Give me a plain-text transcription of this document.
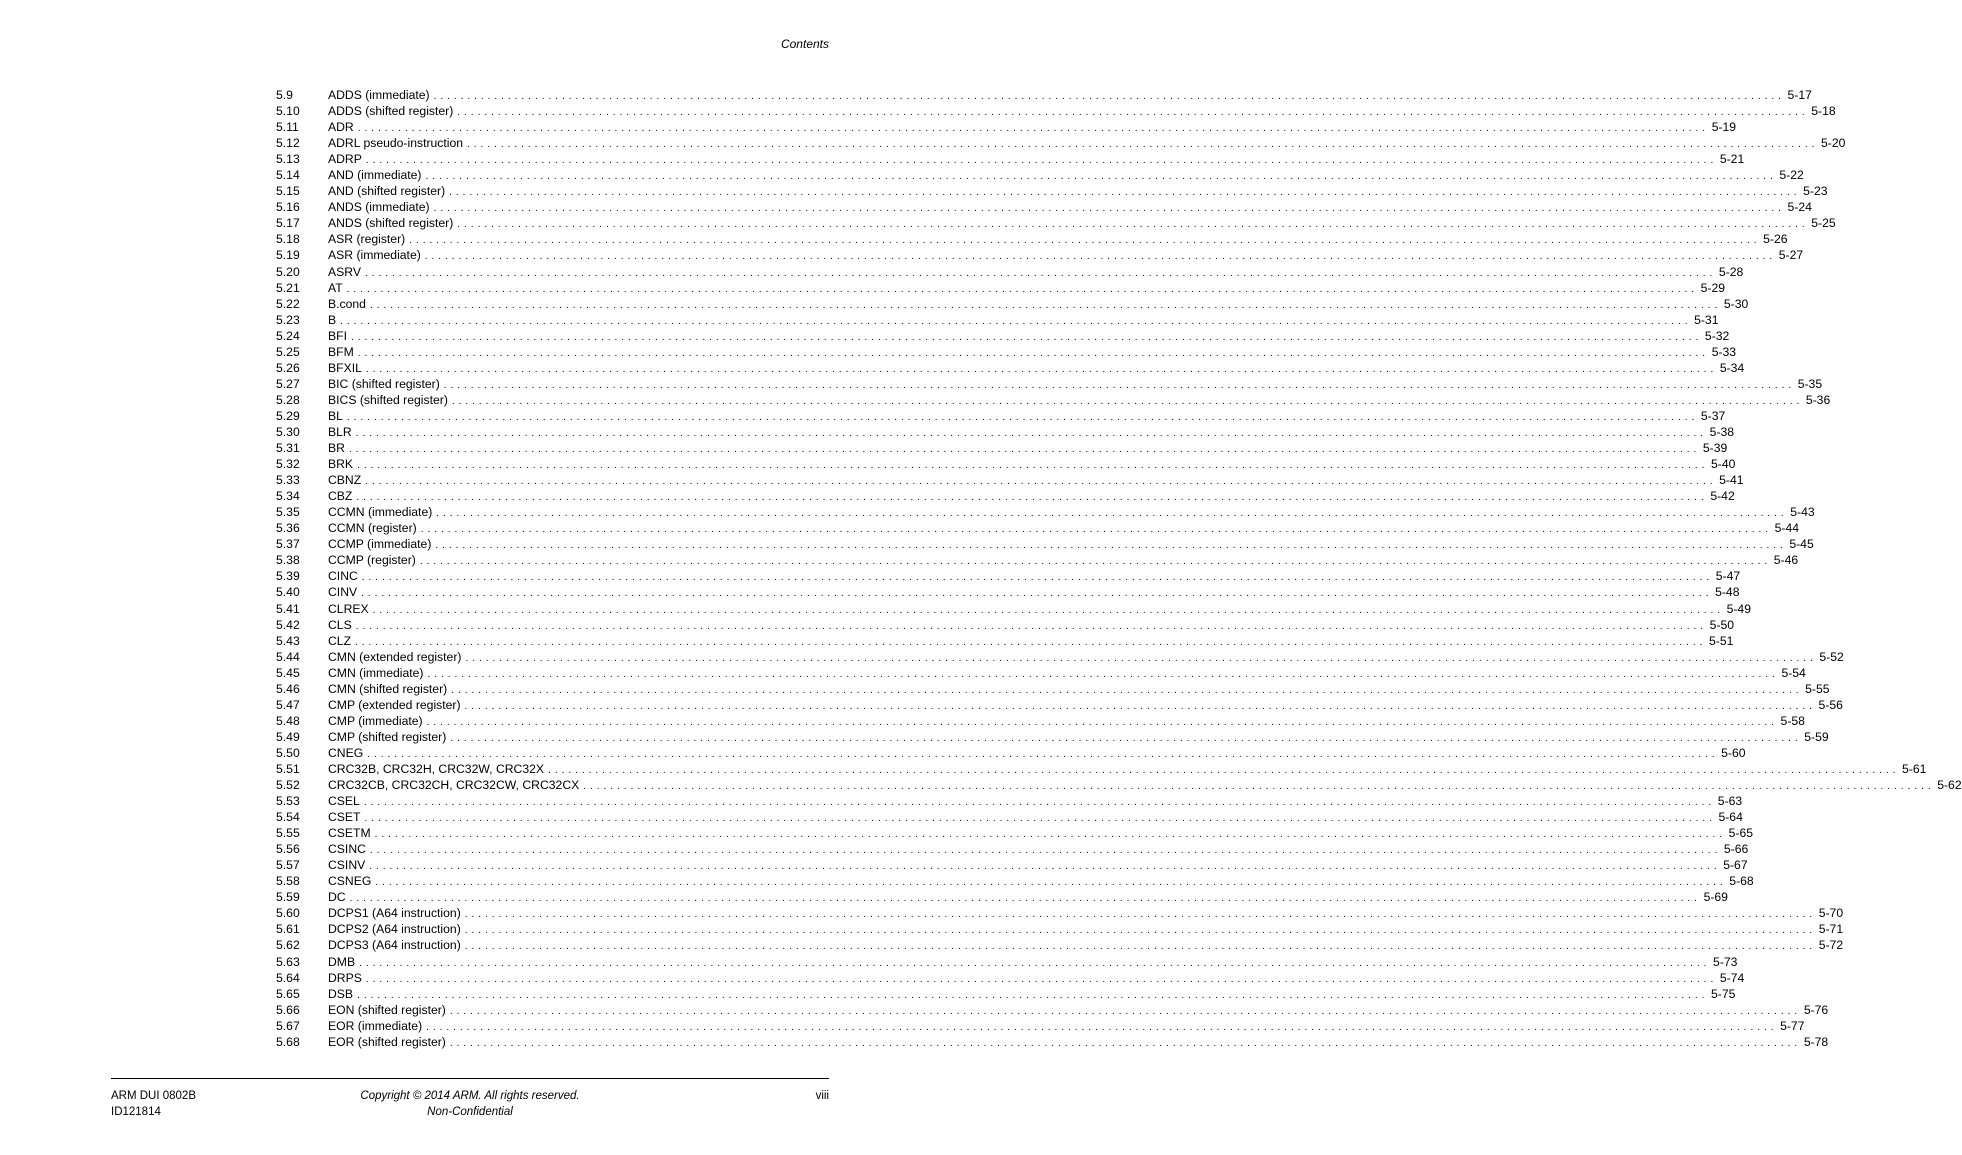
Contents
5.9	ADDS (immediate) . . . . . . . . . . . . . . . . . . . . . . . . . . . . . . . . . . . . . . . . . . . . . . . . . . . . . . . . . . . . . . . . . . . . . . . . . . . . . . . . . . . . . . . . . . . . . . . . . . . . . . . . . . . . . . . . . . . . . . . . . . . . . . . . . . . . . . . . . . . . . . . . . . . . . . . . . . . . . . . . . . . . . . . . . . . . . . . . . . . . . . . . . . . . . . . . . . . . . . . . 5-17
5.10	ADDS (shifted register) . . . . . . . . . . . . . . . . . . . . . . . . . . . . . . . . . . . . . . . . . . . . . . . . . . . . . . . . . . . . . . . . . . . . . . . . . . . . . . . . . . . . . . . . . . . . . . . . . . . . . . . . . . . . . . . . . . . . . . . . . . . . . . . . . . . . . . . . . . . . . . . . . . . . . . . . . . . . . . . . . . . . . . . . . . . . . . . . . . . . . . . . . . . . . . . . . . . . . . . . 5-18
5.11	ADR . . . . . . . . . . . . . . . . . . . . . . . . . . . . . . . . . . . . . . . . . . . . . . . . . . . . . . . . . . . . . . . . . . . . . . . . . . . . . . . . . . . . . . . . . . . . . . . . . . . . . . . . . . . . . . . . . . . . . . . . . . . . . . . . . . . . . . . . . . . . . . . . . . . . . . . . . . . . . . . . . . . . . . . . . . . . . . . . . . . . . . . . . . . . . . . . . . . . . . . . 5-19
5.12	ADRL pseudo-instruction . . . . . . . . . . . . . . . . . . . . . . . . . . . . . . . . . . . . . . . . . . . . . . . . . . . . . . . . . . . . . . . . . . . . . . . . . . . . . . . . . . . . . . . . . . . . . . . . . . . . . . . . . . . . . . . . . . . . . . . . . . . . . . . . . . . . . . . . . . . . . . . . . . . . . . . . . . . . . . . . . . . . . . . . . . . . . . . . . . . . . . . . . . . . . . . . . . . . . . . . 5-20
5.13	ADRP . . . . . . . . . . . . . . . . . . . . . . . . . . . . . . . . . . . . . . . . . . . . . . . . . . . . . . . . . . . . . . . . . . . . . . . . . . . . . . . . . . . . . . . . . . . . . . . . . . . . . . . . . . . . . . . . . . . . . . . . . . . . . . . . . . . . . . . . . . . . . . . . . . . . . . . . . . . . . . . . . . . . . . . . . . . . . . . . . . . . . . . . . . . . . . . . . . . . . . . . 5-21
5.14	AND (immediate) . . . . . . . . . . . . . . . . . . . . . . . . . . . . . . . . . . . . . . . . . . . . . . . . . . . . . . . . . . . . . . . . . . . . . . . . . . . . . . . . . . . . . . . . . . . . . . . . . . . . . . . . . . . . . . . . . . . . . . . . . . . . . . . . . . . . . . . . . . . . . . . . . . . . . . . . . . . . . . . . . . . . . . . . . . . . . . . . . . . . . . . . . . . . . . . . . . . . . . . . 5-22
5.15	AND (shifted register) . . . . . . . . . . . . . . . . . . . . . . . . . . . . . . . . . . . . . . . . . . . . . . . . . . . . . . . . . . . . . . . . . . . . . . . . . . . . . . . . . . . . . . . . . . . . . . . . . . . . . . . . . . . . . . . . . . . . . . . . . . . . . . . . . . . . . . . . . . . . . . . . . . . . . . . . . . . . . . . . . . . . . . . . . . . . . . . . . . . . . . . . . . . . . . . . . . . . . . . . 5-23
5.16	ANDS (immediate) . . . . . . . . . . . . . . . . . . . . . . . . . . . . . . . . . . . . . . . . . . . . . . . . . . . . . . . . . . . . . . . . . . . . . . . . . . . . . . . . . . . . . . . . . . . . . . . . . . . . . . . . . . . . . . . . . . . . . . . . . . . . . . . . . . . . . . . . . . . . . . . . . . . . . . . . . . . . . . . . . . . . . . . . . . . . . . . . . . . . . . . . . . . . . . . . . . . . . . . . 5-24
5.17	ANDS (shifted register) . . . . . . . . . . . . . . . . . . . . . . . . . . . . . . . . . . . . . . . . . . . . . . . . . . . . . . . . . . . . . . . . . . . . . . . . . . . . . . . . . . . . . . . . . . . . . . . . . . . . . . . . . . . . . . . . . . . . . . . . . . . . . . . . . . . . . . . . . . . . . . . . . . . . . . . . . . . . . . . . . . . . . . . . . . . . . . . . . . . . . . . . . . . . . . . . . . . . . . . . 5-25
5.18	ASR (register) . . . . . . . . . . . . . . . . . . . . . . . . . . . . . . . . . . . . . . . . . . . . . . . . . . . . . . . . . . . . . . . . . . . . . . . . . . . . . . . . . . . . . . . . . . . . . . . . . . . . . . . . . . . . . . . . . . . . . . . . . . . . . . . . . . . . . . . . . . . . . . . . . . . . . . . . . . . . . . . . . . . . . . . . . . . . . . . . . . . . . . . . . . . . . . . . . . . . . . . . 5-26
5.19	ASR (immediate) . . . . . . . . . . . . . . . . . . . . . . . . . . . . . . . . . . . . . . . . . . . . . . . . . . . . . . . . . . . . . . . . . . . . . . . . . . . . . . . . . . . . . . . . . . . . . . . . . . . . . . . . . . . . . . . . . . . . . . . . . . . . . . . . . . . . . . . . . . . . . . . . . . . . . . . . . . . . . . . . . . . . . . . . . . . . . . . . . . . . . . . . . . . . . . . . . . . . . . . . 5-27
5.20	ASRV . . . . . . . . . . . . . . . . . . . . . . . . . . . . . . . . . . . . . . . . . . . . . . . . . . . . . . . . . . . . . . . . . . . . . . . . . . . . . . . . . . . . . . . . . . . . . . . . . . . . . . . . . . . . . . . . . . . . . . . . . . . . . . . . . . . . . . . . . . . . . . . . . . . . . . . . . . . . . . . . . . . . . . . . . . . . . . . . . . . . . . . . . . . . . . . . . . . . . . . . 5-28
5.21	AT . . . . . . . . . . . . . . . . . . . . . . . . . . . . . . . . . . . . . . . . . . . . . . . . . . . . . . . . . . . . . . . . . . . . . . . . . . . . . . . . . . . . . . . . . . . . . . . . . . . . . . . . . . . . . . . . . . . . . . . . . . . . . . . . . . . . . . . . . . . . . . . . . . . . . . . . . . . . . . . . . . . . . . . . . . . . . . . . . . . . . . . . . . . . . . . . . . . . . . . . 5-29
5.22	B.cond . . . . . . . . . . . . . . . . . . . . . . . . . . . . . . . . . . . . . . . . . . . . . . . . . . . . . . . . . . . . . . . . . . . . . . . . . . . . . . . . . . . . . . . . . . . . . . . . . . . . . . . . . . . . . . . . . . . . . . . . . . . . . . . . . . . . . . . . . . . . . . . . . . . . . . . . . . . . . . . . . . . . . . . . . . . . . . . . . . . . . . . . . . . . . . . . . . . . . . . . 5-30
5.23	B . . . . . . . . . . . . . . . . . . . . . . . . . . . . . . . . . . . . . . . . . . . . . . . . . . . . . . . . . . . . . . . . . . . . . . . . . . . . . . . . . . . . . . . . . . . . . . . . . . . . . . . . . . . . . . . . . . . . . . . . . . . . . . . . . . . . . . . . . . . . . . . . . . . . . . . . . . . . . . . . . . . . . . . . . . . . . . . . . . . . . . . . . . . . . . . . . . . . . . . . 5-31
5.24	BFI . . . . . . . . . . . . . . . . . . . . . . . . . . . . . . . . . . . . . . . . . . . . . . . . . . . . . . . . . . . . . . . . . . . . . . . . . . . . . . . . . . . . . . . . . . . . . . . . . . . . . . . . . . . . . . . . . . . . . . . . . . . . . . . . . . . . . . . . . . . . . . . . . . . . . . . . . . . . . . . . . . . . . . . . . . . . . . . . . . . . . . . . . . . . . . . . . . . . . . . . 5-32
5.25	BFM . . . . . . . . . . . . . . . . . . . . . . . . . . . . . . . . . . . . . . . . . . . . . . . . . . . . . . . . . . . . . . . . . . . . . . . . . . . . . . . . . . . . . . . . . . . . . . . . . . . . . . . . . . . . . . . . . . . . . . . . . . . . . . . . . . . . . . . . . . . . . . . . . . . . . . . . . . . . . . . . . . . . . . . . . . . . . . . . . . . . . . . . . . . . . . . . . . . . . . . . 5-33
5.26	BFXIL . . . . . . . . . . . . . . . . . . . . . . . . . . . . . . . . . . . . . . . . . . . . . . . . . . . . . . . . . . . . . . . . . . . . . . . . . . . . . . . . . . . . . . . . . . . . . . . . . . . . . . . . . . . . . . . . . . . . . . . . . . . . . . . . . . . . . . . . . . . . . . . . . . . . . . . . . . . . . . . . . . . . . . . . . . . . . . . . . . . . . . . . . . . . . . . . . . . . . . . . 5-34
5.27	BIC (shifted register) . . . . . . . . . . . . . . . . . . . . . . . . . . . . . . . . . . . . . . . . . . . . . . . . . . . . . . . . . . . . . . . . . . . . . . . . . . . . . . . . . . . . . . . . . . . . . . . . . . . . . . . . . . . . . . . . . . . . . . . . . . . . . . . . . . . . . . . . . . . . . . . . . . . . . . . . . . . . . . . . . . . . . . . . . . . . . . . . . . . . . . . . . . . . . . . . . . . . . . . . 5-35
5.28	BICS (shifted register) . . . . . . . . . . . . . . . . . . . . . . . . . . . . . . . . . . . . . . . . . . . . . . . . . . . . . . . . . . . . . . . . . . . . . . . . . . . . . . . . . . . . . . . . . . . . . . . . . . . . . . . . . . . . . . . . . . . . . . . . . . . . . . . . . . . . . . . . . . . . . . . . . . . . . . . . . . . . . . . . . . . . . . . . . . . . . . . . . . . . . . . . . . . . . . . . . . . . . . . . 5-36
5.29	BL . . . . . . . . . . . . . . . . . . . . . . . . . . . . . . . . . . . . . . . . . . . . . . . . . . . . . . . . . . . . . . . . . . . . . . . . . . . . . . . . . . . . . . . . . . . . . . . . . . . . . . . . . . . . . . . . . . . . . . . . . . . . . . . . . . . . . . . . . . . . . . . . . . . . . . . . . . . . . . . . . . . . . . . . . . . . . . . . . . . . . . . . . . . . . . . . . . . . . . . . 5-37
5.30	BLR . . . . . . . . . . . . . . . . . . . . . . . . . . . . . . . . . . . . . . . . . . . . . . . . . . . . . . . . . . . . . . . . . . . . . . . . . . . . . . . . . . . . . . . . . . . . . . . . . . . . . . . . . . . . . . . . . . . . . . . . . . . . . . . . . . . . . . . . . . . . . . . . . . . . . . . . . . . . . . . . . . . . . . . . . . . . . . . . . . . . . . . . . . . . . . . . . . . . . . . . 5-38
5.31	BR . . . . . . . . . . . . . . . . . . . . . . . . . . . . . . . . . . . . . . . . . . . . . . . . . . . . . . . . . . . . . . . . . . . . . . . . . . . . . . . . . . . . . . . . . . . . . . . . . . . . . . . . . . . . . . . . . . . . . . . . . . . . . . . . . . . . . . . . . . . . . . . . . . . . . . . . . . . . . . . . . . . . . . . . . . . . . . . . . . . . . . . . . . . . . . . . . . . . . . . . 5-39
5.32	BRK . . . . . . . . . . . . . . . . . . . . . . . . . . . . . . . . . . . . . . . . . . . . . . . . . . . . . . . . . . . . . . . . . . . . . . . . . . . . . . . . . . . . . . . . . . . . . . . . . . . . . . . . . . . . . . . . . . . . . . . . . . . . . . . . . . . . . . . . . . . . . . . . . . . . . . . . . . . . . . . . . . . . . . . . . . . . . . . . . . . . . . . . . . . . . . . . . . . . . . . . 5-40
5.33	CBNZ . . . . . . . . . . . . . . . . . . . . . . . . . . . . . . . . . . . . . . . . . . . . . . . . . . . . . . . . . . . . . . . . . . . . . . . . . . . . . . . . . . . . . . . . . . . . . . . . . . . . . . . . . . . . . . . . . . . . . . . . . . . . . . . . . . . . . . . . . . . . . . . . . . . . . . . . . . . . . . . . . . . . . . . . . . . . . . . . . . . . . . . . . . . . . . . . . . . . . . . . 5-41
5.34	CBZ . . . . . . . . . . . . . . . . . . . . . . . . . . . . . . . . . . . . . . . . . . . . . . . . . . . . . . . . . . . . . . . . . . . . . . . . . . . . . . . . . . . . . . . . . . . . . . . . . . . . . . . . . . . . . . . . . . . . . . . . . . . . . . . . . . . . . . . . . . . . . . . . . . . . . . . . . . . . . . . . . . . . . . . . . . . . . . . . . . . . . . . . . . . . . . . . . . . . . . . . 5-42
5.35	CCMN (immediate) . . . . . . . . . . . . . . . . . . . . . . . . . . . . . . . . . . . . . . . . . . . . . . . . . . . . . . . . . . . . . . . . . . . . . . . . . . . . . . . . . . . . . . . . . . . . . . . . . . . . . . . . . . . . . . . . . . . . . . . . . . . . . . . . . . . . . . . . . . . . . . . . . . . . . . . . . . . . . . . . . . . . . . . . . . . . . . . . . . . . . . . . . . . . . . . . . . . . . . . . 5-43
5.36	CCMN (register) . . . . . . . . . . . . . . . . . . . . . . . . . . . . . . . . . . . . . . . . . . . . . . . . . . . . . . . . . . . . . . . . . . . . . . . . . . . . . . . . . . . . . . . . . . . . . . . . . . . . . . . . . . . . . . . . . . . . . . . . . . . . . . . . . . . . . . . . . . . . . . . . . . . . . . . . . . . . . . . . . . . . . . . . . . . . . . . . . . . . . . . . . . . . . . . . . . . . . . . . 5-44
5.37	CCMP (immediate) . . . . . . . . . . . . . . . . . . . . . . . . . . . . . . . . . . . . . . . . . . . . . . . . . . . . . . . . . . . . . . . . . . . . . . . . . . . . . . . . . . . . . . . . . . . . . . . . . . . . . . . . . . . . . . . . . . . . . . . . . . . . . . . . . . . . . . . . . . . . . . . . . . . . . . . . . . . . . . . . . . . . . . . . . . . . . . . . . . . . . . . . . . . . . . . . . . . . . . . . 5-45
5.38	CCMP (register) . . . . . . . . . . . . . . . . . . . . . . . . . . . . . . . . . . . . . . . . . . . . . . . . . . . . . . . . . . . . . . . . . . . . . . . . . . . . . . . . . . . . . . . . . . . . . . . . . . . . . . . . . . . . . . . . . . . . . . . . . . . . . . . . . . . . . . . . . . . . . . . . . . . . . . . . . . . . . . . . . . . . . . . . . . . . . . . . . . . . . . . . . . . . . . . . . . . . . . . . 5-46
5.39	CINC . . . . . . . . . . . . . . . . . . . . . . . . . . . . . . . . . . . . . . . . . . . . . . . . . . . . . . . . . . . . . . . . . . . . . . . . . . . . . . . . . . . . . . . . . . . . . . . . . . . . . . . . . . . . . . . . . . . . . . . . . . . . . . . . . . . . . . . . . . . . . . . . . . . . . . . . . . . . . . . . . . . . . . . . . . . . . . . . . . . . . . . . . . . . . . . . . . . . . . . . 5-47
5.40	CINV . . . . . . . . . . . . . . . . . . . . . . . . . . . . . . . . . . . . . . . . . . . . . . . . . . . . . . . . . . . . . . . . . . . . . . . . . . . . . . . . . . . . . . . . . . . . . . . . . . . . . . . . . . . . . . . . . . . . . . . . . . . . . . . . . . . . . . . . . . . . . . . . . . . . . . . . . . . . . . . . . . . . . . . . . . . . . . . . . . . . . . . . . . . . . . . . . . . . . . . . 5-48
5.41	CLREX . . . . . . . . . . . . . . . . . . . . . . . . . . . . . . . . . . . . . . . . . . . . . . . . . . . . . . . . . . . . . . . . . . . . . . . . . . . . . . . . . . . . . . . . . . . . . . . . . . . . . . . . . . . . . . . . . . . . . . . . . . . . . . . . . . . . . . . . . . . . . . . . . . . . . . . . . . . . . . . . . . . . . . . . . . . . . . . . . . . . . . . . . . . . . . . . . . . . . . . . 5-49
5.42	CLS . . . . . . . . . . . . . . . . . . . . . . . . . . . . . . . . . . . . . . . . . . . . . . . . . . . . . . . . . . . . . . . . . . . . . . . . . . . . . . . . . . . . . . . . . . . . . . . . . . . . . . . . . . . . . . . . . . . . . . . . . . . . . . . . . . . . . . . . . . . . . . . . . . . . . . . . . . . . . . . . . . . . . . . . . . . . . . . . . . . . . . . . . . . . . . . . . . . . . . . . 5-50
5.43	CLZ . . . . . . . . . . . . . . . . . . . . . . . . . . . . . . . . . . . . . . . . . . . . . . . . . . . . . . . . . . . . . . . . . . . . . . . . . . . . . . . . . . . . . . . . . . . . . . . . . . . . . . . . . . . . . . . . . . . . . . . . . . . . . . . . . . . . . . . . . . . . . . . . . . . . . . . . . . . . . . . . . . . . . . . . . . . . . . . . . . . . . . . . . . . . . . . . . . . . . . . . 5-51
5.44	CMN (extended register) . . . . . . . . . . . . . . . . . . . . . . . . . . . . . . . . . . . . . . . . . . . . . . . . . . . . . . . . . . . . . . . . . . . . . . . . . . . . . . . . . . . . . . . . . . . . . . . . . . . . . . . . . . . . . . . . . . . . . . . . . . . . . . . . . . . . . . . . . . . . . . . . . . . . . . . . . . . . . . . . . . . . . . . . . . . . . . . . . . . . . . . . . . . . . . . . . . . . . . . . 5-52
5.45	CMN (immediate) . . . . . . . . . . . . . . . . . . . . . . . . . . . . . . . . . . . . . . . . . . . . . . . . . . . . . . . . . . . . . . . . . . . . . . . . . . . . . . . . . . . . . . . . . . . . . . . . . . . . . . . . . . . . . . . . . . . . . . . . . . . . . . . . . . . . . . . . . . . . . . . . . . . . . . . . . . . . . . . . . . . . . . . . . . . . . . . . . . . . . . . . . . . . . . . . . . . . . . . . 5-54
5.46	CMN (shifted register) . . . . . . . . . . . . . . . . . . . . . . . . . . . . . . . . . . . . . . . . . . . . . . . . . . . . . . . . . . . . . . . . . . . . . . . . . . . . . . . . . . . . . . . . . . . . . . . . . . . . . . . . . . . . . . . . . . . . . . . . . . . . . . . . . . . . . . . . . . . . . . . . . . . . . . . . . . . . . . . . . . . . . . . . . . . . . . . . . . . . . . . . . . . . . . . . . . . . . . . . 5-55
5.47	CMP (extended register) . . . . . . . . . . . . . . . . . . . . . . . . . . . . . . . . . . . . . . . . . . . . . . . . . . . . . . . . . . . . . . . . . . . . . . . . . . . . . . . . . . . . . . . . . . . . . . . . . . . . . . . . . . . . . . . . . . . . . . . . . . . . . . . . . . . . . . . . . . . . . . . . . . . . . . . . . . . . . . . . . . . . . . . . . . . . . . . . . . . . . . . . . . . . . . . . . . . . . . . . 5-56
5.48	CMP (immediate) . . . . . . . . . . . . . . . . . . . . . . . . . . . . . . . . . . . . . . . . . . . . . . . . . . . . . . . . . . . . . . . . . . . . . . . . . . . . . . . . . . . . . . . . . . . . . . . . . . . . . . . . . . . . . . . . . . . . . . . . . . . . . . . . . . . . . . . . . . . . . . . . . . . . . . . . . . . . . . . . . . . . . . . . . . . . . . . . . . . . . . . . . . . . . . . . . . . . . . . . 5-58
5.49	CMP (shifted register) . . . . . . . . . . . . . . . . . . . . . . . . . . . . . . . . . . . . . . . . . . . . . . . . . . . . . . . . . . . . . . . . . . . . . . . . . . . . . . . . . . . . . . . . . . . . . . . . . . . . . . . . . . . . . . . . . . . . . . . . . . . . . . . . . . . . . . . . . . . . . . . . . . . . . . . . . . . . . . . . . . . . . . . . . . . . . . . . . . . . . . . . . . . . . . . . . . . . . . . . 5-59
5.50	CNEG . . . . . . . . . . . . . . . . . . . . . . . . . . . . . . . . . . . . . . . . . . . . . . . . . . . . . . . . . . . . . . . . . . . . . . . . . . . . . . . . . . . . . . . . . . . . . . . . . . . . . . . . . . . . . . . . . . . . . . . . . . . . . . . . . . . . . . . . . . . . . . . . . . . . . . . . . . . . . . . . . . . . . . . . . . . . . . . . . . . . . . . . . . . . . . . . . . . . . . . . 5-60
5.51	CRC32B, CRC32H, CRC32W, CRC32X . . . . . . . . . . . . . . . . . . . . . . . . . . . . . . . . . . . . . . . . . . . . . . . . . . . . . . . . . . . . . . . . . . . . . . . . . . . . . . . . . . . . . . . . . . . . . . . . . . . . . . . . . . . . . . . . . . . . . . . . . . . . . . . . . . . . . . . . . . . . . . . . . . . . . . . . . . . . . . . . . . . . . . . . . . . . . . . . . . . . . . . . . . . . . . . . . . . . . . . . 5-61
5.52	CRC32CB, CRC32CH, CRC32CW, CRC32CX . . . . . . . . . . . . . . . . . . . . . . . . . . . . . . . . . . . . . . . . . . . . . . . . . . . . . . . . . . . . . . . . . . . . . . . . . . . . . . . . . . . . . . . . . . . . . . . . . . . . . . . . . . . . . . . . . . . . . . . . . . . . . . . . . . . . . . . . . . . . . . . . . . . . . . . . . . . . . . . . . . . . . . . . . . . . . . . . . . . . . . . . . . . . . . . . . . . . . . . . 5-62
5.53	CSEL . . . . . . . . . . . . . . . . . . . . . . . . . . . . . . . . . . . . . . . . . . . . . . . . . . . . . . . . . . . . . . . . . . . . . . . . . . . . . . . . . . . . . . . . . . . . . . . . . . . . . . . . . . . . . . . . . . . . . . . . . . . . . . . . . . . . . . . . . . . . . . . . . . . . . . . . . . . . . . . . . . . . . . . . . . . . . . . . . . . . . . . . . . . . . . . . . . . . . . . . 5-63
5.54	CSET . . . . . . . . . . . . . . . . . . . . . . . . . . . . . . . . . . . . . . . . . . . . . . . . . . . . . . . . . . . . . . . . . . . . . . . . . . . . . . . . . . . . . . . . . . . . . . . . . . . . . . . . . . . . . . . . . . . . . . . . . . . . . . . . . . . . . . . . . . . . . . . . . . . . . . . . . . . . . . . . . . . . . . . . . . . . . . . . . . . . . . . . . . . . . . . . . . . . . . . . 5-64
5.55	CSETM . . . . . . . . . . . . . . . . . . . . . . . . . . . . . . . . . . . . . . . . . . . . . . . . . . . . . . . . . . . . . . . . . . . . . . . . . . . . . . . . . . . . . . . . . . . . . . . . . . . . . . . . . . . . . . . . . . . . . . . . . . . . . . . . . . . . . . . . . . . . . . . . . . . . . . . . . . . . . . . . . . . . . . . . . . . . . . . . . . . . . . . . . . . . . . . . . . . . . . . . 5-65
5.56	CSINC . . . . . . . . . . . . . . . . . . . . . . . . . . . . . . . . . . . . . . . . . . . . . . . . . . . . . . . . . . . . . . . . . . . . . . . . . . . . . . . . . . . . . . . . . . . . . . . . . . . . . . . . . . . . . . . . . . . . . . . . . . . . . . . . . . . . . . . . . . . . . . . . . . . . . . . . . . . . . . . . . . . . . . . . . . . . . . . . . . . . . . . . . . . . . . . . . . . . . . . . 5-66
5.57	CSINV . . . . . . . . . . . . . . . . . . . . . . . . . . . . . . . . . . . . . . . . . . . . . . . . . . . . . . . . . . . . . . . . . . . . . . . . . . . . . . . . . . . . . . . . . . . . . . . . . . . . . . . . . . . . . . . . . . . . . . . . . . . . . . . . . . . . . . . . . . . . . . . . . . . . . . . . . . . . . . . . . . . . . . . . . . . . . . . . . . . . . . . . . . . . . . . . . . . . . . . . 5-67
5.58	CSNEG . . . . . . . . . . . . . . . . . . . . . . . . . . . . . . . . . . . . . . . . . . . . . . . . . . . . . . . . . . . . . . . . . . . . . . . . . . . . . . . . . . . . . . . . . . . . . . . . . . . . . . . . . . . . . . . . . . . . . . . . . . . . . . . . . . . . . . . . . . . . . . . . . . . . . . . . . . . . . . . . . . . . . . . . . . . . . . . . . . . . . . . . . . . . . . . . . . . . . . . . 5-68
5.59	DC . . . . . . . . . . . . . . . . . . . . . . . . . . . . . . . . . . . . . . . . . . . . . . . . . . . . . . . . . . . . . . . . . . . . . . . . . . . . . . . . . . . . . . . . . . . . . . . . . . . . . . . . . . . . . . . . . . . . . . . . . . . . . . . . . . . . . . . . . . . . . . . . . . . . . . . . . . . . . . . . . . . . . . . . . . . . . . . . . . . . . . . . . . . . . . . . . . . . . . . . 5-69
5.60	DCPS1 (A64 instruction) . . . . . . . . . . . . . . . . . . . . . . . . . . . . . . . . . . . . . . . . . . . . . . . . . . . . . . . . . . . . . . . . . . . . . . . . . . . . . . . . . . . . . . . . . . . . . . . . . . . . . . . . . . . . . . . . . . . . . . . . . . . . . . . . . . . . . . . . . . . . . . . . . . . . . . . . . . . . . . . . . . . . . . . . . . . . . . . . . . . . . . . . . . . . . . . . . . . . . . . . 5-70
5.61	DCPS2 (A64 instruction) . . . . . . . . . . . . . . . . . . . . . . . . . . . . . . . . . . . . . . . . . . . . . . . . . . . . . . . . . . . . . . . . . . . . . . . . . . . . . . . . . . . . . . . . . . . . . . . . . . . . . . . . . . . . . . . . . . . . . . . . . . . . . . . . . . . . . . . . . . . . . . . . . . . . . . . . . . . . . . . . . . . . . . . . . . . . . . . . . . . . . . . . . . . . . . . . . . . . . . . . 5-71
5.62	DCPS3 (A64 instruction) . . . . . . . . . . . . . . . . . . . . . . . . . . . . . . . . . . . . . . . . . . . . . . . . . . . . . . . . . . . . . . . . . . . . . . . . . . . . . . . . . . . . . . . . . . . . . . . . . . . . . . . . . . . . . . . . . . . . . . . . . . . . . . . . . . . . . . . . . . . . . . . . . . . . . . . . . . . . . . . . . . . . . . . . . . . . . . . . . . . . . . . . . . . . . . . . . . . . . . . . 5-72
5.63	DMB . . . . . . . . . . . . . . . . . . . . . . . . . . . . . . . . . . . . . . . . . . . . . . . . . . . . . . . . . . . . . . . . . . . . . . . . . . . . . . . . . . . . . . . . . . . . . . . . . . . . . . . . . . . . . . . . . . . . . . . . . . . . . . . . . . . . . . . . . . . . . . . . . . . . . . . . . . . . . . . . . . . . . . . . . . . . . . . . . . . . . . . . . . . . . . . . . . . . . . . . 5-73
5.64	DRPS . . . . . . . . . . . . . . . . . . . . . . . . . . . . . . . . . . . . . . . . . . . . . . . . . . . . . . . . . . . . . . . . . . . . . . . . . . . . . . . . . . . . . . . . . . . . . . . . . . . . . . . . . . . . . . . . . . . . . . . . . . . . . . . . . . . . . . . . . . . . . . . . . . . . . . . . . . . . . . . . . . . . . . . . . . . . . . . . . . . . . . . . . . . . . . . . . . . . . . . . 5-74
5.65	DSB . . . . . . . . . . . . . . . . . . . . . . . . . . . . . . . . . . . . . . . . . . . . . . . . . . . . . . . . . . . . . . . . . . . . . . . . . . . . . . . . . . . . . . . . . . . . . . . . . . . . . . . . . . . . . . . . . . . . . . . . . . . . . . . . . . . . . . . . . . . . . . . . . . . . . . . . . . . . . . . . . . . . . . . . . . . . . . . . . . . . . . . . . . . . . . . . . . . . . . . . 5-75
5.66	EON (shifted register) . . . . . . . . . . . . . . . . . . . . . . . . . . . . . . . . . . . . . . . . . . . . . . . . . . . . . . . . . . . . . . . . . . . . . . . . . . . . . . . . . . . . . . . . . . . . . . . . . . . . . . . . . . . . . . . . . . . . . . . . . . . . . . . . . . . . . . . . . . . . . . . . . . . . . . . . . . . . . . . . . . . . . . . . . . . . . . . . . . . . . . . . . . . . . . . . . . . . . . . . 5-76
5.67	EOR (immediate) . . . . . . . . . . . . . . . . . . . . . . . . . . . . . . . . . . . . . . . . . . . . . . . . . . . . . . . . . . . . . . . . . . . . . . . . . . . . . . . . . . . . . . . . . . . . . . . . . . . . . . . . . . . . . . . . . . . . . . . . . . . . . . . . . . . . . . . . . . . . . . . . . . . . . . . . . . . . . . . . . . . . . . . . . . . . . . . . . . . . . . . . . . . . . . . . . . . . . . . . 5-77
5.68	EOR (shifted register) . . . . . . . . . . . . . . . . . . . . . . . . . . . . . . . . . . . . . . . . . . . . . . . . . . . . . . . . . . . . . . . . . . . . . . . . . . . . . . . . . . . . . . . . . . . . . . . . . . . . . . . . . . . . . . . . . . . . . . . . . . . . . . . . . . . . . . . . . . . . . . . . . . . . . . . . . . . . . . . . . . . . . . . . . . . . . . . . . . . . . . . . . . . . . . . . . . . . . . . . 5-78
ARM DUI 0802B
ID121814
Copyright © 2014 ARM. All rights reserved.
Non-Confidential
viii
